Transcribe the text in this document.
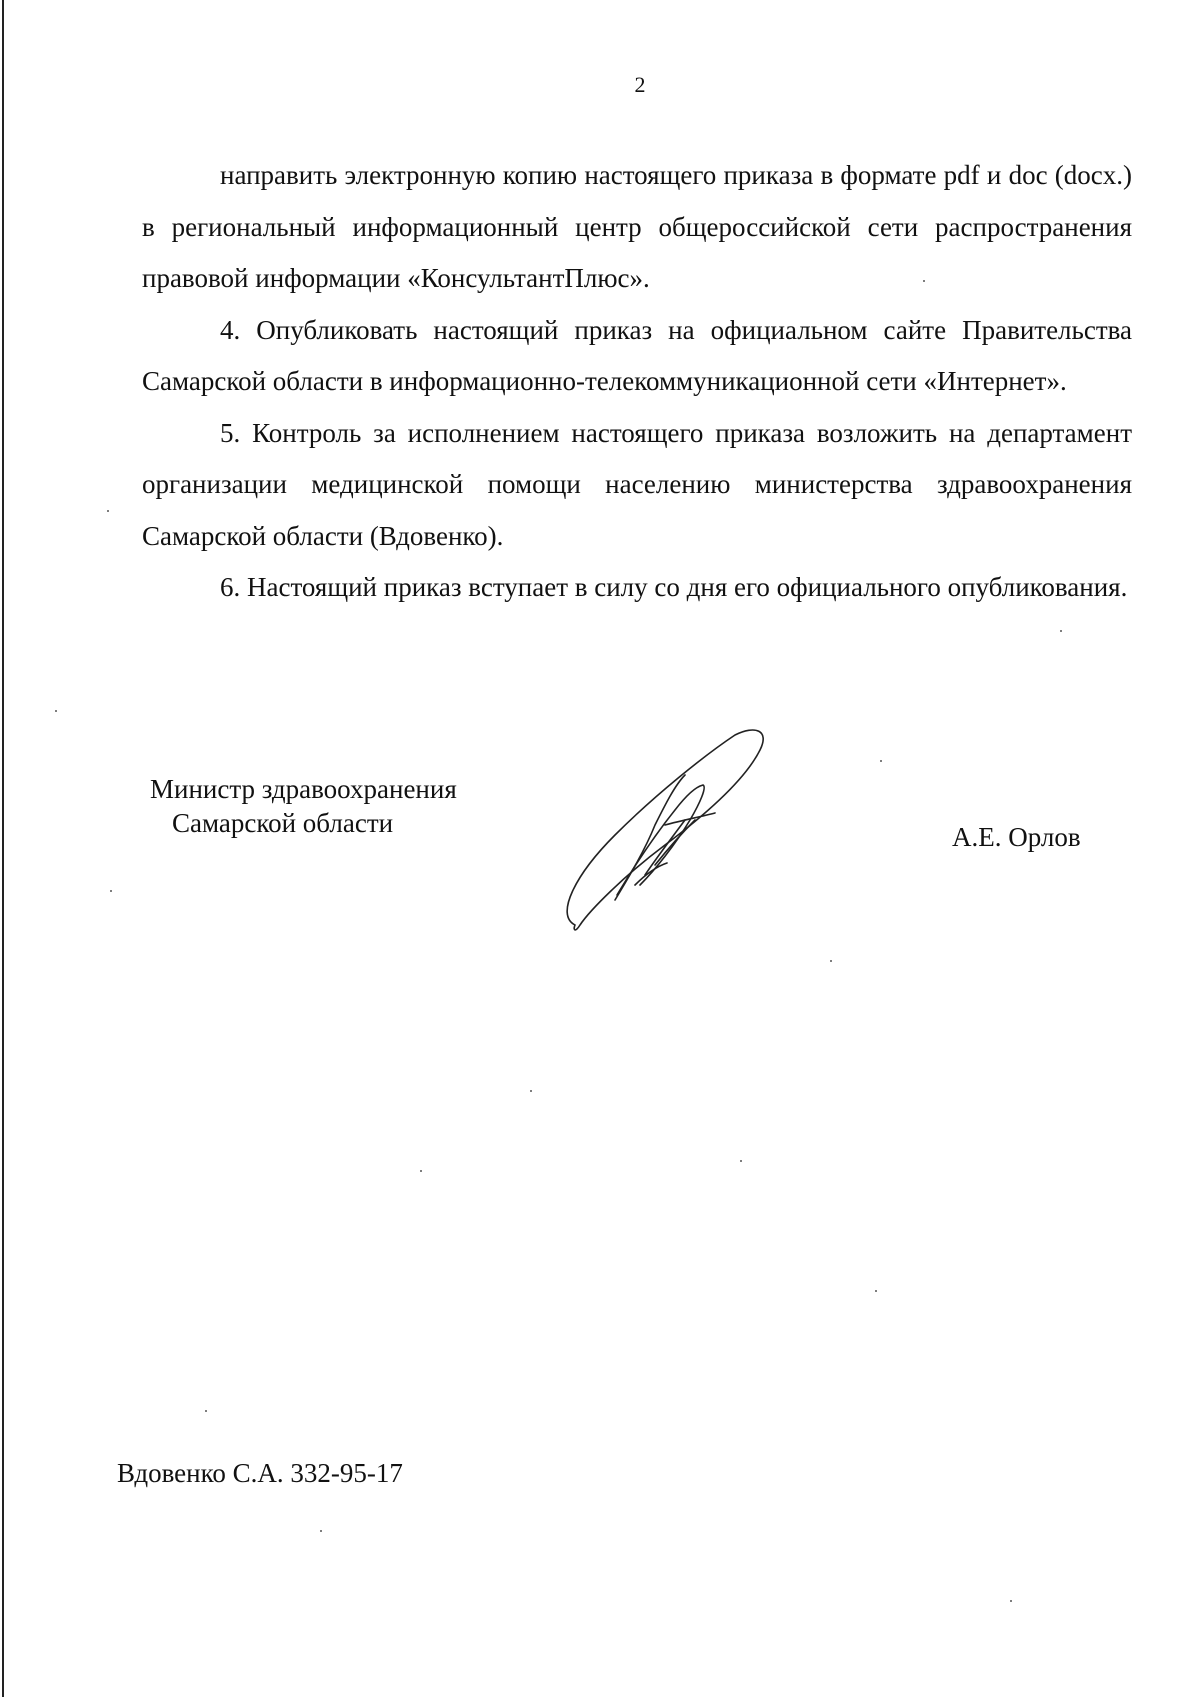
2

направить электронную копию настоящего приказа в формате pdf и doc (docx.) в региональный информационный центр общероссийской сети распространения правовой информации «КонсультантПлюс».

4. Опубликовать настоящий приказ на официальном сайте Правительства Самарской области в информационно-телекоммуникационной сети «Интернет».

5. Контроль за исполнением настоящего приказа возложить на департамент организации медицинской помощи населению министерства здравоохранения Самарской области (Вдовенко).

6. Настоящий приказ вступает в силу со дня его официального опубликования.

Министр здравоохранения
Самарской области	А.Е. Орлов
Вдовенко С.А. 332-95-17
